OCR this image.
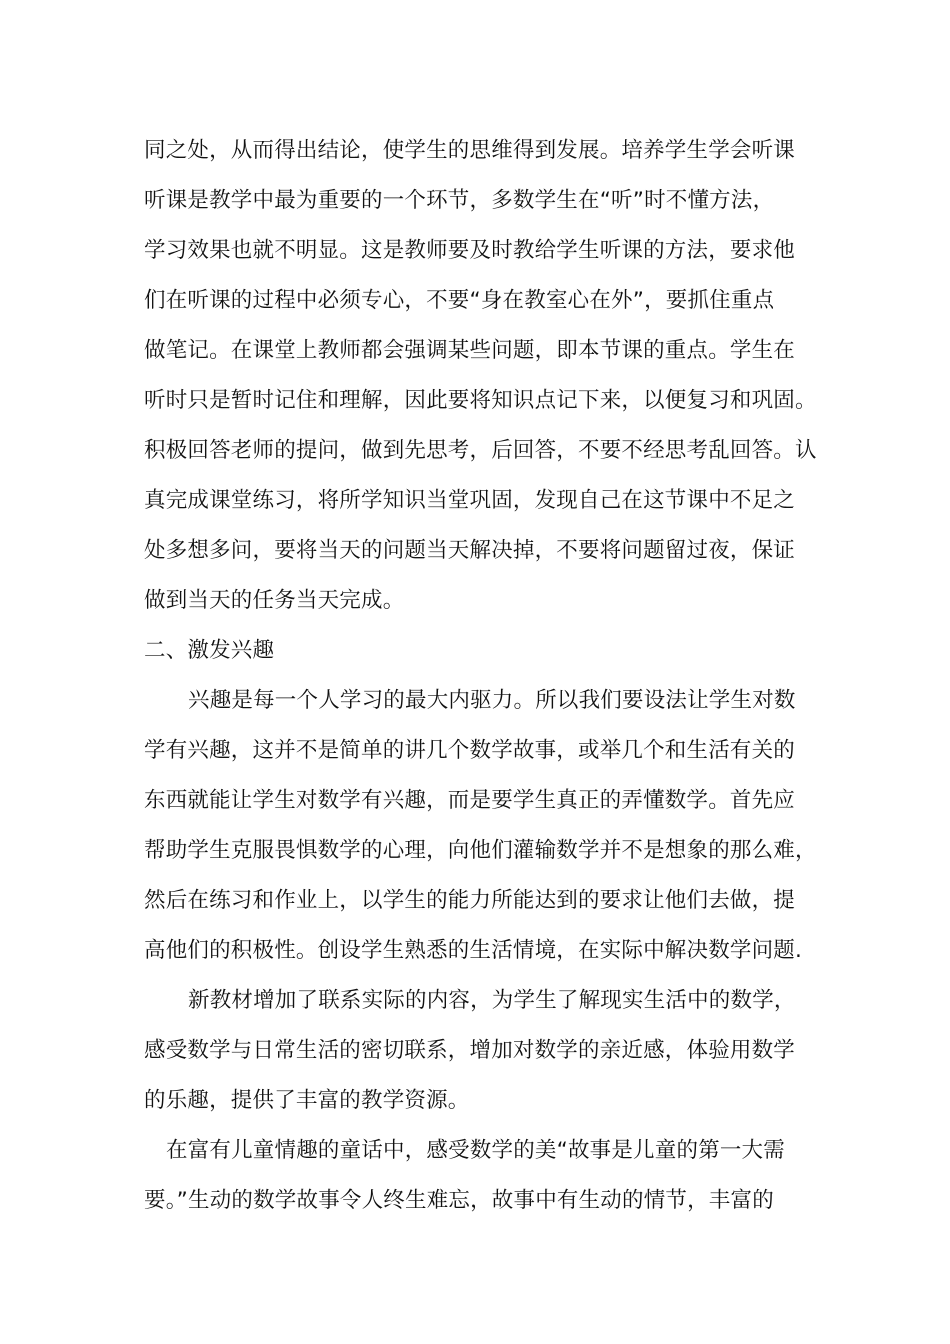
同之处，从而得出结论，使学生的思维得到发展。培养学生学会听课
听课是教学中最为重要的一个环节，多数学生在“听”时不懂方法，
学习效果也就不明显。这是教师要及时教给学生听课的方法，要求他
们在听课的过程中必须专心，不要“身在教室心在外”，要抓住重点
做笔记。在课堂上教师都会强调某些问题，即本节课的重点。学生在
听时只是暂时记住和理解，因此要将知识点记下来，以便复习和巩固。
积极回答老师的提问，做到先思考，后回答，不要不经思考乱回答。认
真完成课堂练习，将所学知识当堂巩固，发现自己在这节课中不足之
处多想多问，要将当天的问题当天解决掉，不要将问题留过夜，保证
做到当天的任务当天完成。
二、激发兴趣
兴趣是每一个人学习的最大内驱力。所以我们要设法让学生对数
学有兴趣，这并不是简单的讲几个数学故事，或举几个和生活有关的
东西就能让学生对数学有兴趣，而是要学生真正的弄懂数学。首先应
帮助学生克服畏惧数学的心理，向他们灌输数学并不是想象的那么难，
然后在练习和作业上，以学生的能力所能达到的要求让他们去做，提
高他们的积极性。创设学生熟悉的生活情境，在实际中解决数学问题.
新教材增加了联系实际的内容，为学生了解现实生活中的数学，
感受数学与日常生活的密切联系，增加对数学的亲近感，体验用数学
的乐趣，提供了丰富的教学资源。
在富有儿童情趣的童话中，感受数学的美“故事是儿童的第一大需
要。”生动的数学故事令人终生难忘，故事中有生动的情节，丰富的
